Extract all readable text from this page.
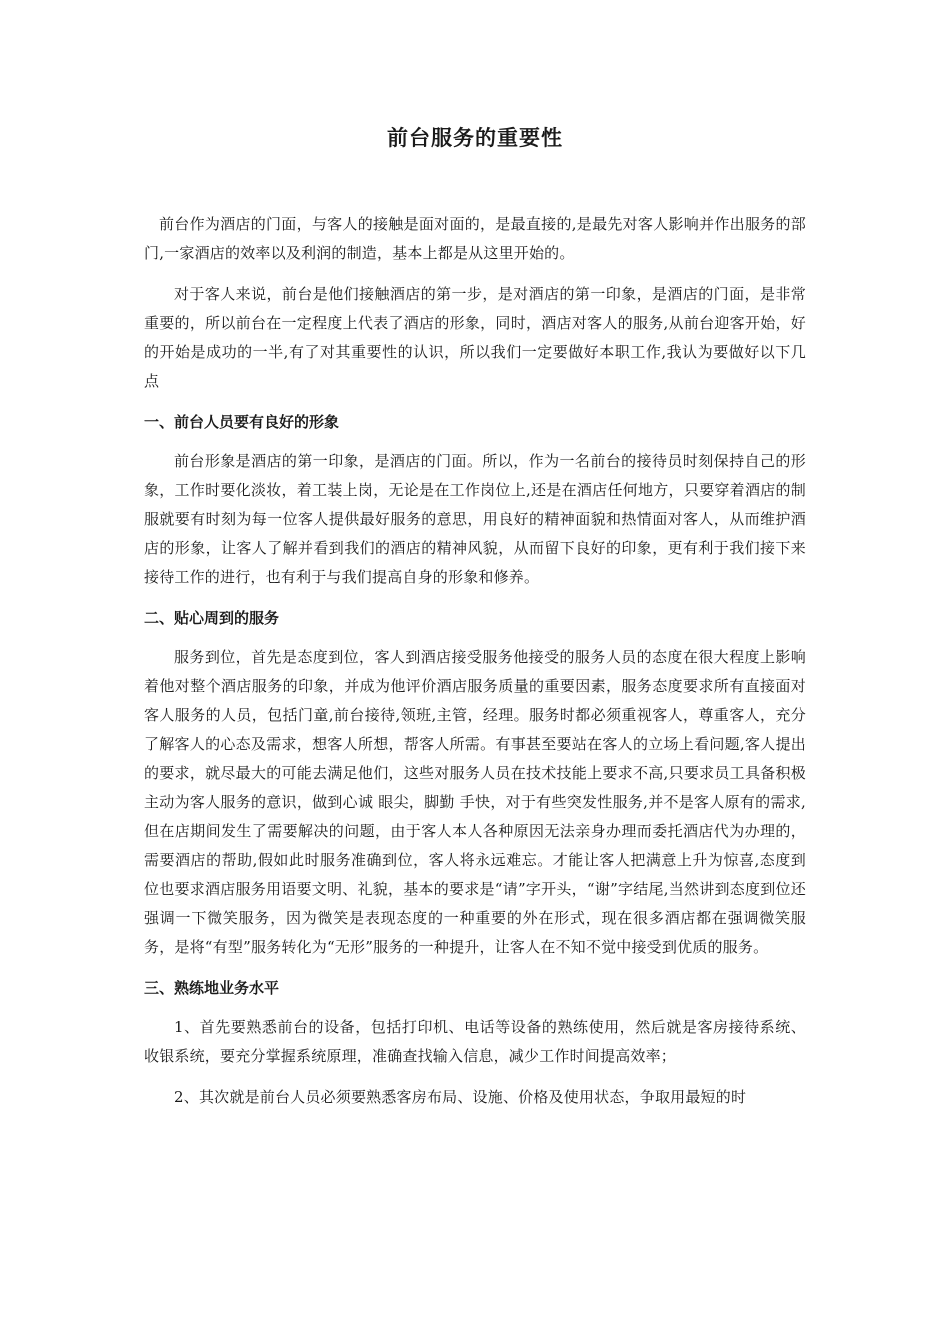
前台服务的重要性

前台作为酒店的门面，与客人的接触是面对面的，是最直接的,是最先对客人影响并作出服务的部门,一家酒店的效率以及利润的制造，基本上都是从这里开始的。

对于客人来说，前台是他们接触酒店的第一步，是对酒店的第一印象，是酒店的门面，是非常重要的，所以前台在一定程度上代表了酒店的形象，同时，酒店对客人的服务,从前台迎客开始，好的开始是成功的一半,有了对其重要性的认识，所以我们一定要做好本职工作,我认为要做好以下几点

一、前台人员要有良好的形象

前台形象是酒店的第一印象，是酒店的门面。所以，作为一名前台的接待员时刻保持自己的形象，工作时要化淡妆，着工装上岗，无论是在工作岗位上,还是在酒店任何地方，只要穿着酒店的制服就要有时刻为每一位客人提供最好服务的意思，用良好的精神面貌和热情面对客人，从而维护酒店的形象，让客人了解并看到我们的酒店的精神风貌，从而留下良好的印象，更有利于我们接下来接待工作的进行，也有利于与我们提高自身的形象和修养。

二、贴心周到的服务

服务到位，首先是态度到位，客人到酒店接受服务他接受的服务人员的态度在很大程度上影响着他对整个酒店服务的印象，并成为他评价酒店服务质量的重要因素，服务态度要求所有直接面对客人服务的人员，包括门童,前台接待,领班,主管，经理。服务时都必须重视客人，尊重客人，充分了解客人的心态及需求，想客人所想，帮客人所需。有事甚至要站在客人的立场上看问题,客人提出的要求，就尽最大的可能去满足他们，这些对服务人员在技术技能上要求不高,只要求员工具备积极主动为客人服务的意识，做到心诚 眼尖，脚勤 手快，对于有些突发性服务,并不是客人原有的需求,但在店期间发生了需要解决的问题，由于客人本人各种原因无法亲身办理而委托酒店代为办理的，需要酒店的帮助,假如此时服务准确到位，客人将永远难忘。才能让客人把满意上升为惊喜,态度到位也要求酒店服务用语要文明、礼貌，基本的要求是“请”字开头，“谢”字结尾,当然讲到态度到位还强调一下微笑服务，因为微笑是表现态度的一种重要的外在形式，现在很多酒店都在强调微笑服务，是将“有型”服务转化为“无形”服务的一种提升，让客人在不知不觉中接受到优质的服务。

三、熟练地业务水平

1、首先要熟悉前台的设备，包括打印机、电话等设备的熟练使用，然后就是客房接待系统、收银系统，要充分掌握系统原理，准确查找输入信息，减少工作时间提高效率；

2、其次就是前台人员必须要熟悉客房布局、设施、价格及使用状态，争取用最短的时
